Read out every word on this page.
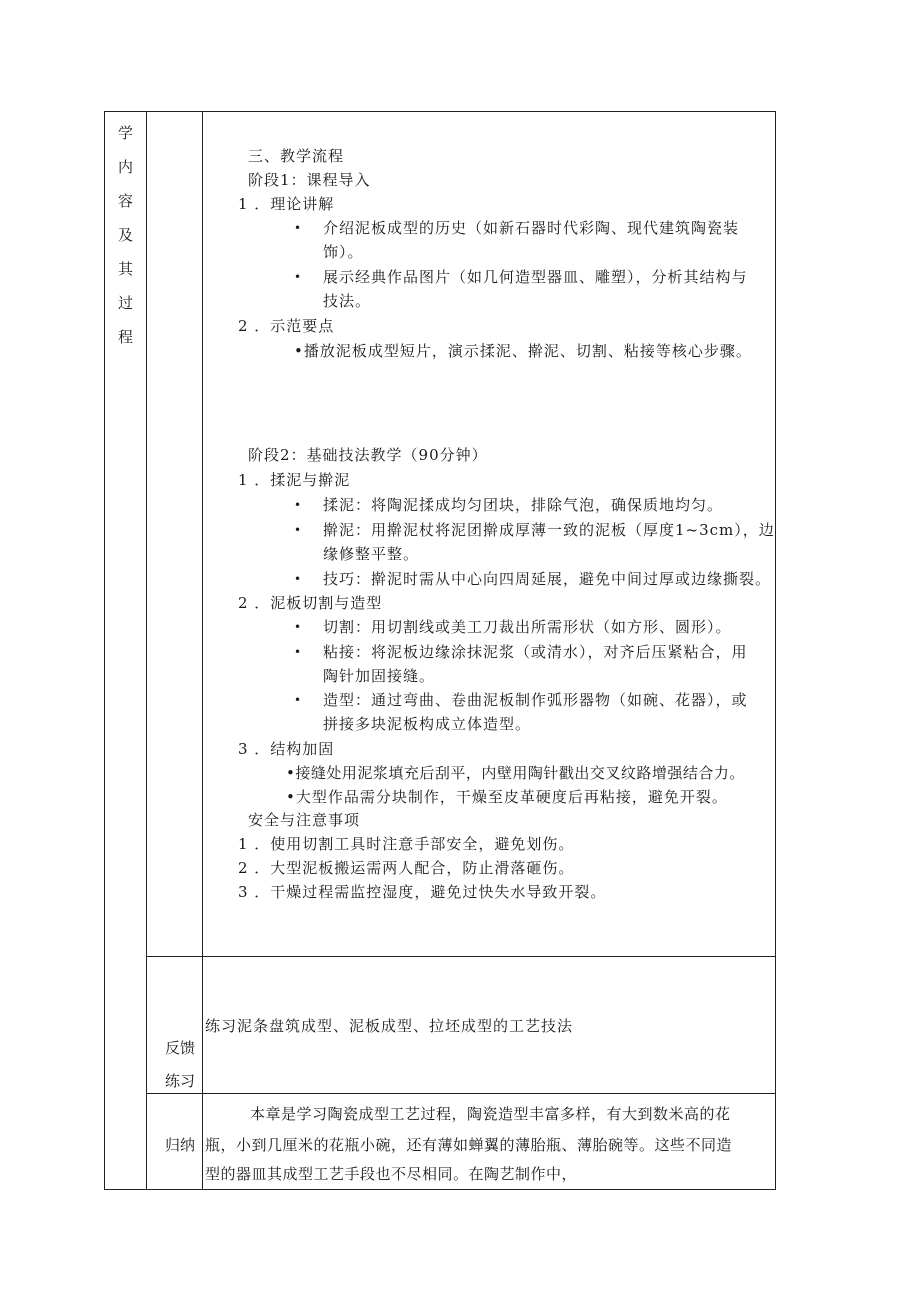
学
内
容
及
其
过
程
三、教学流程
阶段1：课程导入
1 ．理论讲解
• 介绍泥板成型的历史（如新石器时代彩陶、现代建筑陶瓷装
饰）。
• 展示经典作品图片（如几何造型器皿、雕塑），分析其结构与
技法。
2 ．示范要点
•播放泥板成型短片，演示揉泥、擀泥、切割、粘接等核心步骤。
阶段2：基础技法教学（90分钟）
1 ．揉泥与擀泥
• 揉泥：将陶泥揉成均匀团块，排除气泡，确保质地均匀。
• 擀泥：用擀泥杖将泥团擀成厚薄一致的泥板（厚度1~3cm），边
缘修整平整。
• 技巧：擀泥时需从中心向四周延展，避免中间过厚或边缘撕裂。
2 ．泥板切割与造型
• 切割：用切割线或美工刀裁出所需形状（如方形、圆形）。
• 粘接：将泥板边缘涂抹泥浆（或清水），对齐后压紧粘合，用
陶针加固接缝。
• 造型：通过弯曲、卷曲泥板制作弧形器物（如碗、花器），或
拼接多块泥板构成立体造型。
3 ．结构加固
•接缝处用泥浆填充后刮平，内壁用陶针戳出交叉纹路增强结合力。
•大型作品需分块制作，干燥至皮革硬度后再粘接，避免开裂。
安全与注意事项
1 ．使用切割工具时注意手部安全，避免划伤。
2 ．大型泥板搬运需两人配合，防止滑落砸伤。
3 ．干燥过程需监控湿度，避免过快失水导致开裂。
反馈
练习
练习泥条盘筑成型、泥板成型、拉坯成型的工艺技法
归纳
本章是学习陶瓷成型工艺过程，陶瓷造型丰富多样，有大到数米高的花
瓶，小到几厘米的花瓶小碗，还有薄如蝉翼的薄胎瓶、薄胎碗等。这些不同造
型的器皿其成型工艺手段也不尽相同。在陶艺制作中，
